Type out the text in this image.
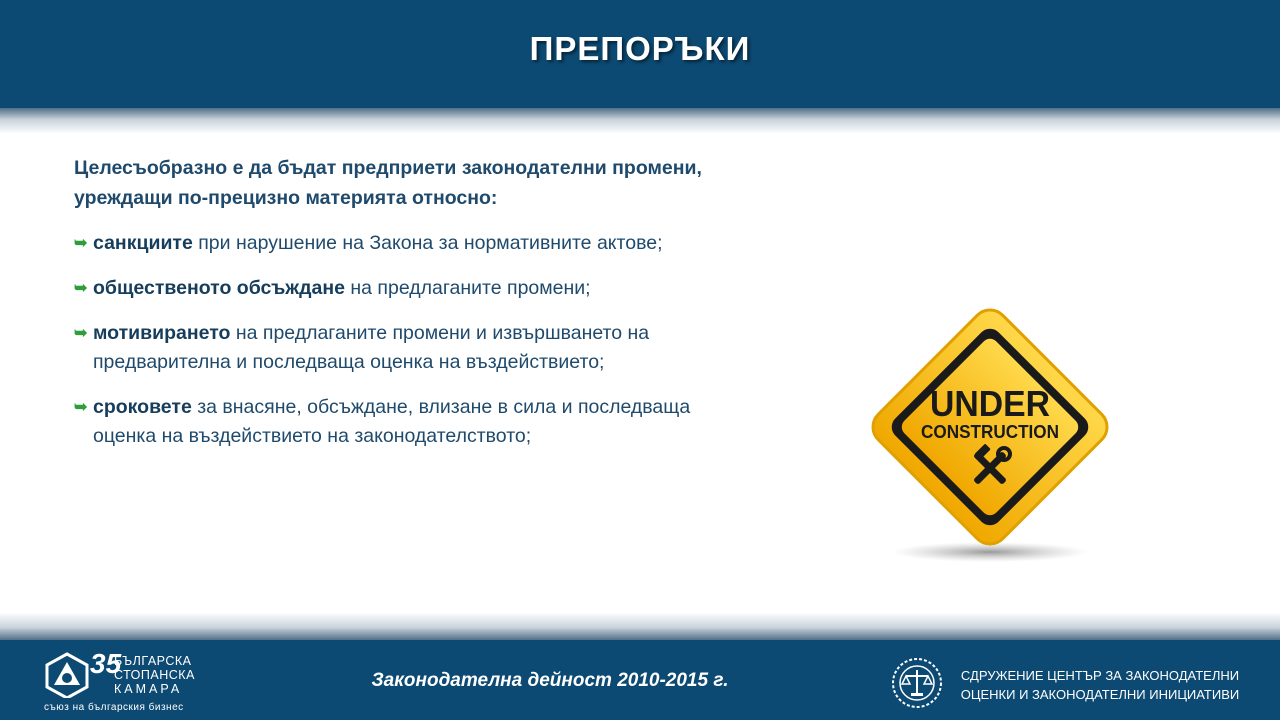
ПРЕПОРЪКИ
Целесъобразно е да бъдат предприети законодателни промени,
уреждащи по-прецизно материята относно:
➥ санкциите при нарушение на Закона за нормативните актове;
➥ общественото обсъждане на предлаганите промени;
➥ мотивирането на предлаганите промени и извършването на предварителна и последваща оценка на въздействието;
➥ сроковете за внасяне, обсъждане, влизане в сила и последваща оценка на въздействието на законодателството;
UNDER
CONSTRUCTION
35
БЪЛГАРСКА
СТОПАНСКА
КАМАРА
съюз на българския бизнес
Законодателна дейност 2010-2015 г.	СДРУЖЕНИЕ ЦЕНТЪР ЗА ЗАКОНОДАТЕЛНИ
ОЦЕНКИ И ЗАКОНОДАТЕЛНИ ИНИЦИАТИВИ
